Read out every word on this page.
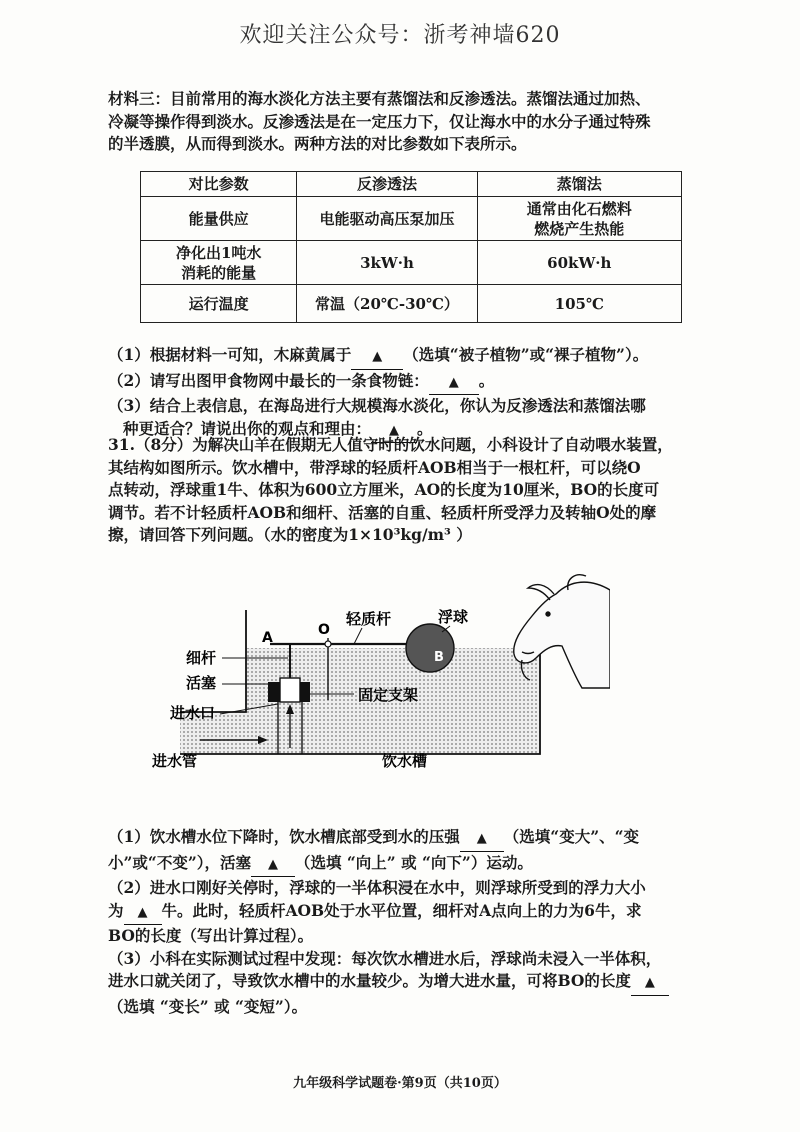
欢迎关注公众号：浙考神墙620
材料三：目前常用的海水淡化方法主要有蒸馏法和反渗透法。蒸馏法通过加热、
冷凝等操作得到淡水。反渗透法是在一定压力下，仅让海水中的水分子通过特殊
的半透膜，从而得到淡水。两种方法的对比参数如下表所示。
对比参数	反渗透法	蒸馏法
能量供应	电能驱动高压泵加压	通常由化石燃料
燃烧产生热能
净化出1吨水
消耗的能量	3kW·h	60kW·h
运行温度	常温（20℃-30℃）	105℃
（1）根据材料一可知，木麻黄属于 ▲ （选填“被子植物”或“裸子植物”）。
（2）请写出图甲食物网中最长的一条食物链： ▲ 。
（3）结合上表信息，在海岛进行大规模海水淡化，你认为反渗透法和蒸馏法哪
种更适合？请说出你的观点和理由： ▲ 。
31.（8分）为解决山羊在假期无人值守时的饮水问题，小科设计了自动喂水装置，
其结构如图所示。饮水槽中，带浮球的轻质杆AOB相当于一根杠杆，可以绕O
点转动，浮球重1牛、体积为600立方厘米，AO的长度为10厘米，BO的长度可
调节。若不计轻质杆AOB和细杆、活塞的自重、轻质杆所受浮力及转轴O处的摩
擦，请回答下列问题。（水的密度为1×10³kg/m³ ）
B
A	O
轻质杆	浮球
细杆
活塞
进水口
进水管
固定支架
饮水槽
（1）饮水槽水位下降时，饮水槽底部受到水的压强 ▲ （选填“变大”、“变
小”或“不变”），活塞 ▲ （选填 “向上” 或 “向下”）运动。
（2）进水口刚好关停时，浮球的一半体积浸在水中，则浮球所受到的浮力大小
为 ▲ 牛。此时，轻质杆AOB处于水平位置，细杆对A点向上的力为6牛，求
BO的长度（写出计算过程）。
（3）小科在实际测试过程中发现：每次饮水槽进水后，浮球尚未浸入一半体积，
进水口就关闭了，导致饮水槽中的水量较少。为增大进水量，可将BO的长度 ▲
（选填 “变长” 或 “变短”）。
九年级科学试题卷·第9页（共10页）
